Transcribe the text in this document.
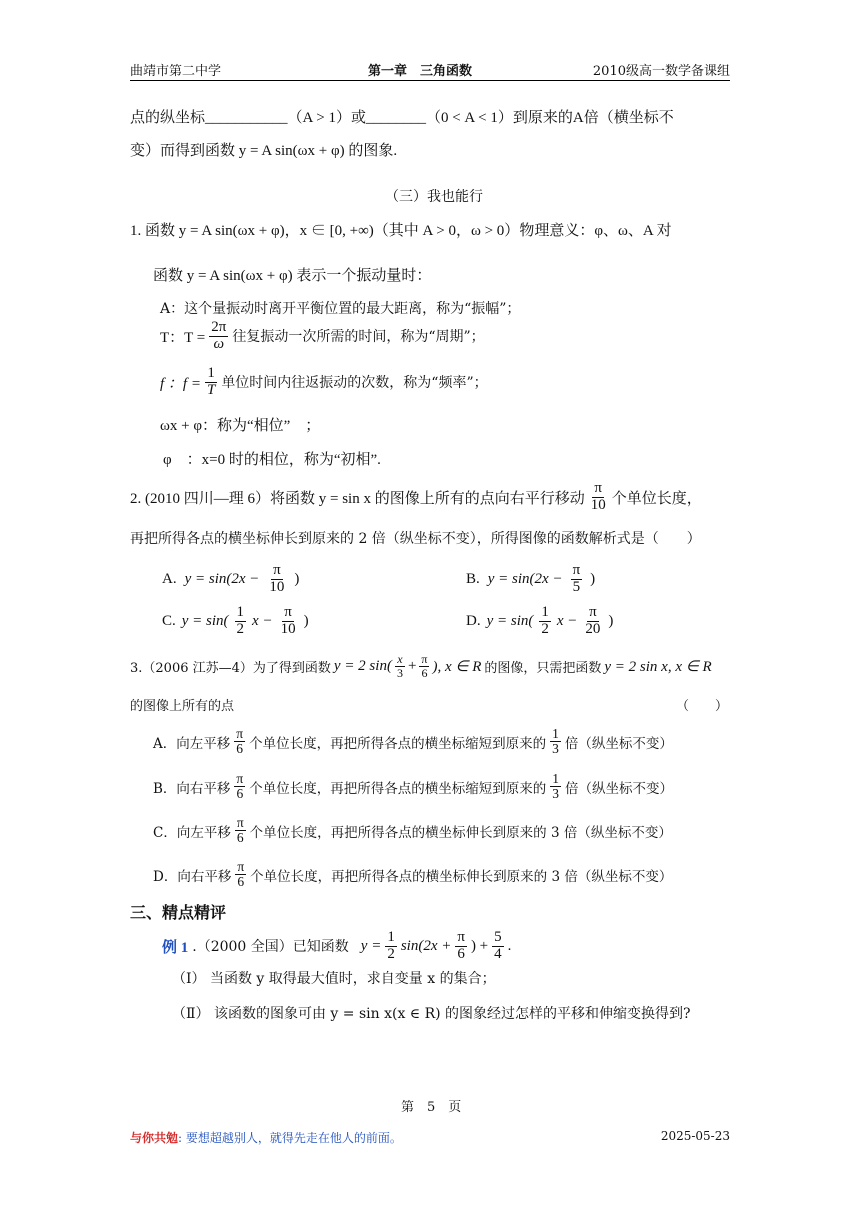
曲靖市第二中学	第一章　三角函数	2010级高一数学备课组
点的纵坐标___________（A > 1）或________（0 < A < 1）到原来的A倍（横坐标不
变）而得到函数 y = A sin(ωx + φ) 的图象.
（三）我也能行
1. 函数 y = A sin(ωx + φ)，x ∈ [0, +∞)（其中 A > 0，ω > 0）物理意义：φ、ω、A 对
函数 y = A sin(ωx + φ) 表示一个振动量时：
A：这个量振动时离开平衡位置的最大距离，称为“振幅”；
T：$T = \frac{2\pi}{\omega}$ 往复振动一次所需的时间，称为“周期”；
f ：$f = \frac{1}{T}$ 单位时间内往返振动的次数，称为“频率”；
ωx + φ：称为“相位”　；
φ　：x=0 时的相位，称为“初相”.
2. (2010 四川—理 6）将函数 y = sin x 的图像上所有的点向右平行移动 $\frac{\pi}{10}$ 个单位长度，
再把所得各点的横坐标伸长到原来的 2 倍（纵坐标不变），所得图像的函数解析式是（　　）
A. $y = \sin(2x - \frac{\pi}{10}$ )	B. $y = \sin(2x - \frac{\pi}{5}$ )
C. $y = \sin( \frac{1}{2}$ $x - \frac{\pi}{10}$ )	D. $y = \sin( \frac{1}{2}$ $x - \frac{\pi}{20}$ )
3.（2006 江苏—4）为了得到函数 y = 2 $\sin( \frac{x}{3} + \frac{\pi}{6}$ ), x ∈ R 的图像，只需把函数 y = 2 sin x, x ∈ R
的图像上所有的点	（　　）
A．向左平移 $\frac{\pi}{6}$ 个单位长度，再把所得各点的横坐标缩短到原来的 $\frac{1}{3}$ 倍（纵坐标不变）
B．向右平移 $\frac{\pi}{6}$ 个单位长度，再把所得各点的横坐标缩短到原来的 $\frac{1}{3}$ 倍（纵坐标不变）
C．向左平移 $\frac{\pi}{6}$ 个单位长度，再把所得各点的横坐标伸长到原来的 3 倍（纵坐标不变）
D．向右平移 $\frac{\pi}{6}$ 个单位长度，再把所得各点的横坐标伸长到原来的 3 倍（纵坐标不变）
三、精点精评
例 1 .（2000 全国）已知函数 $y = \frac{1}{2} \sin(2x + \frac{\pi}{6}$ ) + $\frac{5}{4}$ .
（Ⅰ） 当函数 y 取得最大值时，求自变量 x 的集合；
（Ⅱ） 该函数的图象可由 y = sin x(x ∈ R) 的图象经过怎样的平移和伸缩变换得到?
第　5　页
与你共勉: 要想超越别人，就得先走在他人的前面。	2025-05-23
